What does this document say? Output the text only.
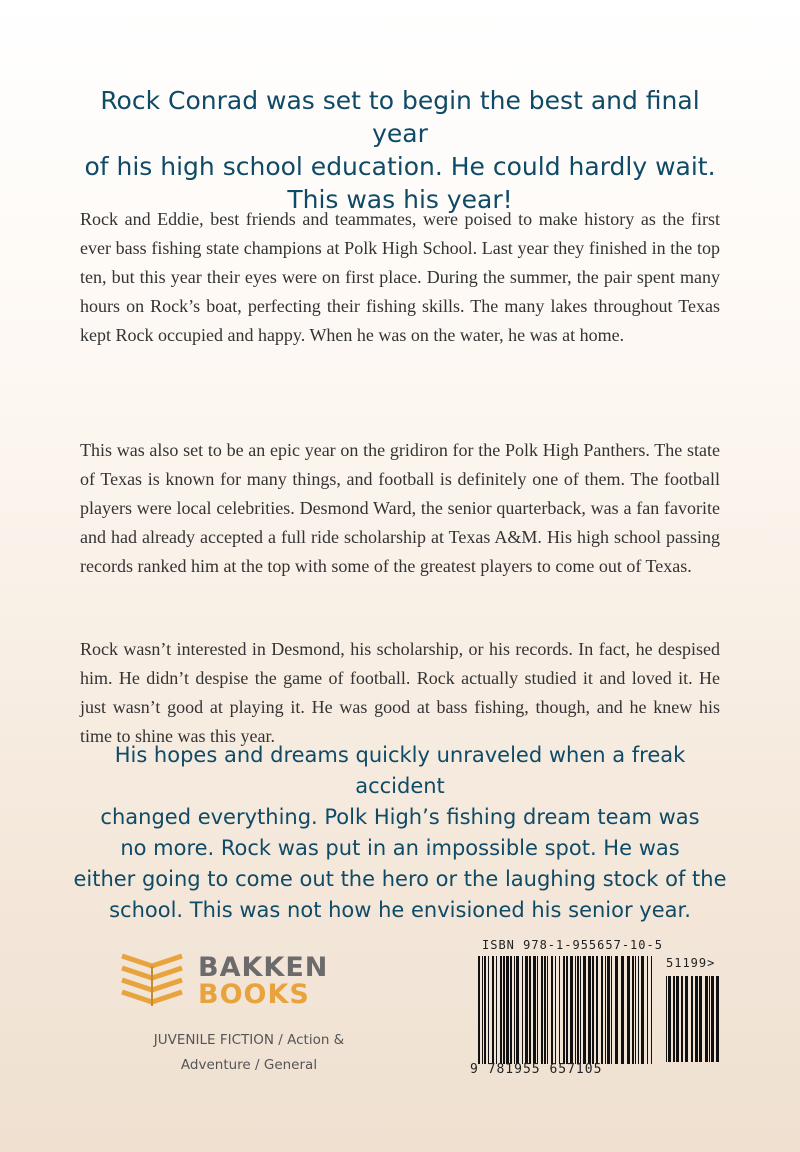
Rock Conrad was set to begin the best and final year
of his high school education. He could hardly wait.
This was his year!

Rock and Eddie, best friends and teammates, were poised to make history as the first ever bass fishing state champions at Polk High School. Last year they finished in the top ten, but this year their eyes were on first place. During the summer, the pair spent many hours on Rock’s boat, perfecting their fishing skills. The many lakes throughout Texas kept Rock occupied and happy. When he was on the water, he was at home.

This was also set to be an epic year on the gridiron for the Polk High Panthers. The state of Texas is known for many things, and football is definitely one of them. The football players were local celebrities. Desmond Ward, the senior quarterback, was a fan favorite and had already accepted a full ride scholarship at Texas A&M. His high school passing records ranked him at the top with some of the greatest players to come out of Texas.

Rock wasn’t interested in Desmond, his scholarship, or his records. In fact, he despised him. He didn’t despise the game of football. Rock actually studied it and loved it. He just wasn’t good at playing it. He was good at bass fishing, though, and he knew his time to shine was this year.

His hopes and dreams quickly unraveled when a freak accident
changed everything. Polk High’s fishing dream team was
no more. Rock was put in an impossible spot. He was
either going to come out the hero or the laughing stock of the
school. This was not how he envisioned his senior year.
BAKKEN
BOOKS
JUVENILE FICTION / Action &
Adventure / General
ISBN 978-1-955657-10-5
51199>
9 781955 657105
